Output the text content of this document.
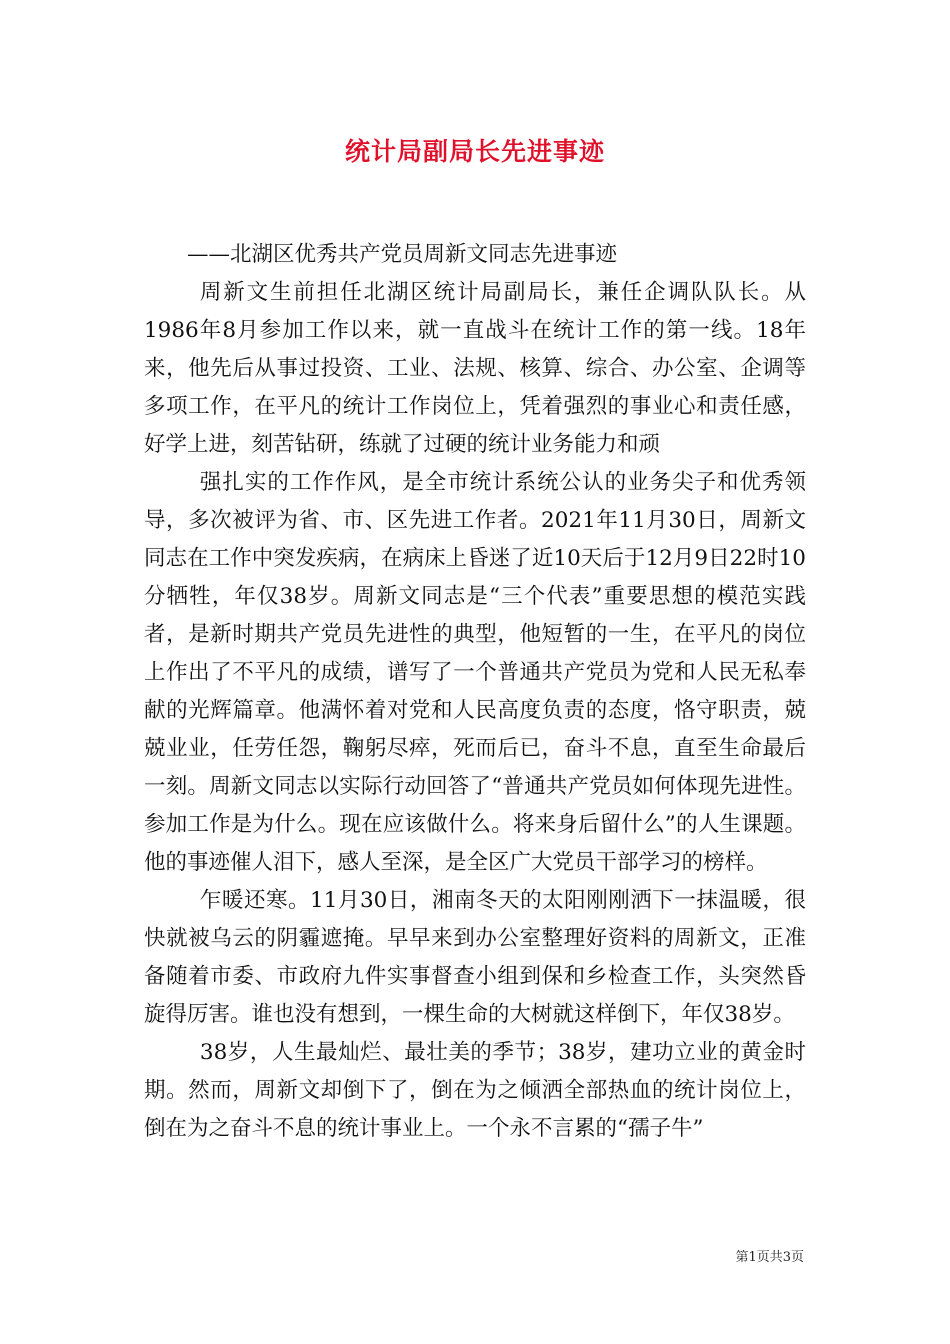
统计局副局长先进事迹

——北湖区优秀共产党员周新文同志先进事迹

周新文生前担任北湖区统计局副局长，兼任企调队队长。从1986年8月参加工作以来，就一直战斗在统计工作的第一线。18年来，他先后从事过投资、工业、法规、核算、综合、办公室、企调等多项工作，在平凡的统计工作岗位上，凭着强烈的事业心和责任感，好学上进，刻苦钻研，练就了过硬的统计业务能力和顽

强扎实的工作作风，是全市统计系统公认的业务尖子和优秀领导，多次被评为省、市、区先进工作者。2021年11月30日，周新文同志在工作中突发疾病，在病床上昏迷了近10天后于12月9日22时10分牺牲，年仅38岁。周新文同志是“三个代表”重要思想的模范实践者，是新时期共产党员先进性的典型，他短暂的一生，在平凡的岗位上作出了不平凡的成绩，谱写了一个普通共产党员为党和人民无私奉献的光辉篇章。他满怀着对党和人民高度负责的态度，恪守职责，兢兢业业，任劳任怨，鞠躬尽瘁，死而后已，奋斗不息，直至生命最后一刻。周新文同志以实际行动回答了“普通共产党员如何体现先进性。参加工作是为什么。现在应该做什么。将来身后留什么”的人生课题。他的事迹催人泪下，感人至深，是全区广大党员干部学习的榜样。

乍暖还寒。11月30日，湘南冬天的太阳刚刚洒下一抹温暖，很快就被乌云的阴霾遮掩。早早来到办公室整理好资料的周新文，正准备随着市委、市政府九件实事督查小组到保和乡检查工作，头突然昏旋得厉害。谁也没有想到，一棵生命的大树就这样倒下，年仅38岁。

38岁，人生最灿烂、最壮美的季节；38岁，建功立业的黄金时期。然而，周新文却倒下了，倒在为之倾洒全部热血的统计岗位上，倒在为之奋斗不息的统计事业上。一个永不言累的“孺子牛”

第1页共3页
